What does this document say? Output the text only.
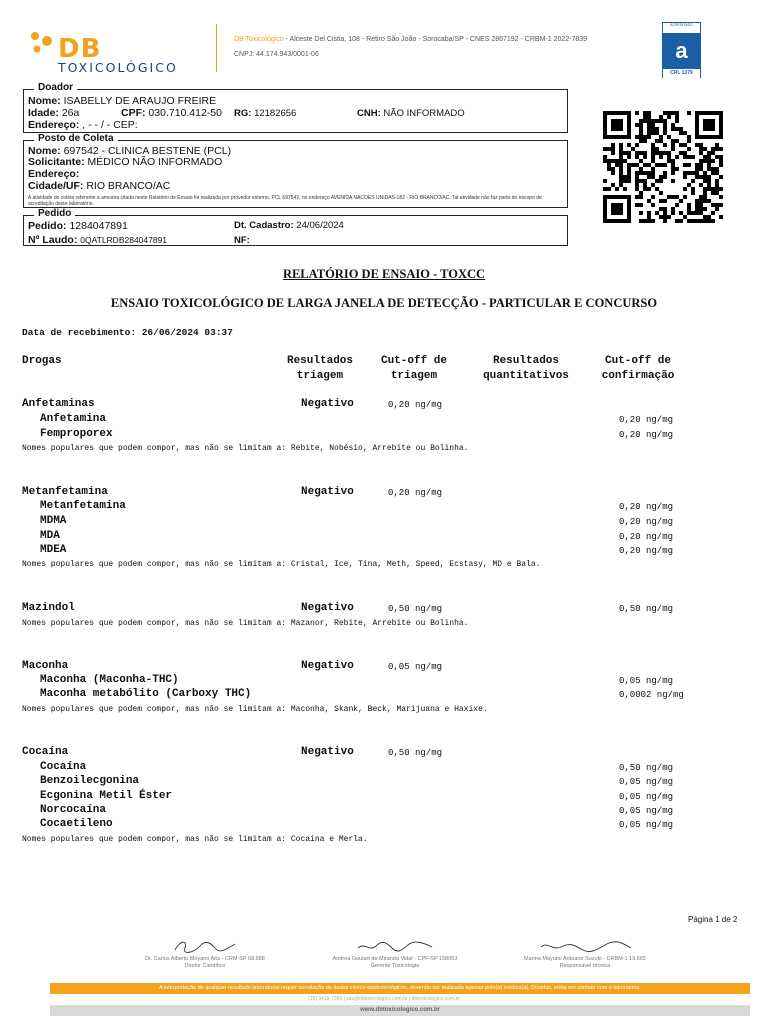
DB
TOXICOLÓGICO
DB Toxicológico - Alceste Del Cistia, 108 - Retiro São João - Sorocaba/SP - CNES 2867192 - CRBM-1 2022-7839
CNPJ: 44.174.943/0001-06
ACREDITADO
a
CRL 1379
Doador
Nome: ISABELLY DE ARAUJO FREIRE
Idade: 26a	CPF: 030.710.412-50 RG: 12182656	CNH: NÃO INFORMADO
Endereço: , - - / - CEP:
Posto de Coleta
Nome: 697542 - CLINICA BESTENE (PCL)
Solicitante: MÉDICO NÃO INFORMADO
Endereço:
Cidade/UF: RIO BRANCO/AC
A atividade de coleta referente à amostra citada neste Relatório de Ensaio foi realizada por provedor externo, PCL 697542, no endereço AVENIDA NACOES UNIDAS-182 - RIO BRANCO/AC. Tal atividade não faz parte do escopo de acreditação deste laboratório.
Pedido
Pedido: 1284047891	Dt. Cadastro: 24/06/2024
Nº Laudo: 0QATLRDB284047891	NF:
RELATÓRIO DE ENSAIO - TOXCC
ENSAIO TOXICOLÓGICO DE LARGA JANELA DE DETECÇÃO - PARTICULAR E CONCURSO
Data de recebimento: 26/06/2024 03:37
Drogas	Resultados
triagem
Cut-off de
triagem
Resultados
quantitativos
Cut-off de
confirmação
Anfetaminas	Negativo	0,20 ng/mg
Anfetamina	0,20 ng/mg
Femproporex	0,20 ng/mg
Nomes populares que podem compor, mas não se limitam a: Rebite, Nobésio, Arrebite ou Bolinha.
Metanfetamina	Negativo	0,20 ng/mg
Metanfetamina	0,20 ng/mg
MDMA	0,20 ng/mg
MDA	0,20 ng/mg
MDEA	0,20 ng/mg
Nomes populares que podem compor, mas não se limitam a: Cristal, Ice, Tina, Meth, Speed, Ecstasy, MD e Bala.
Mazindol	Negativo	0,50 ng/mg	0,50 ng/mg
Nomes populares que podem compor, mas não se limitam a: Mazanor, Rebite, Arrebite ou Bolinha.
Maconha	Negativo	0,05 ng/mg
Maconha (Maconha-THC)	0,05 ng/mg
Maconha metabólito (Carboxy THC)	0,0002 ng/mg
Nomes populares que podem compor, mas não se limitam a: Maconha, Skank, Beck, Marijuana e Haxixe.
Cocaína	Negativo	0,50 ng/mg
Cocaína	0,50 ng/mg
Benzoilecgonina	0,05 ng/mg
Ecgonina Metil Éster	0,05 ng/mg
Norcocaína	0,05 ng/mg
Cocaetileno	0,05 ng/mg
Nomes populares que podem compor, mas não se limitam a: Cocaína e Merla.
Página 1 de 2
Dr. Carlos Alberto Moyano Aita - CRM-SP 68.988
Diretor Científico
Andrea Goulart de Miranda Vidal - CPF-SP 158053
Gerente Toxicologia
Marina Mayumi Ardeano Suzuki - CRBM-1 19.665
Responsável técnica
A interpretação de qualquer resultado laboratorial requer correlação de dados clínico-epidemiológicos, devendo ser realizada apenas pelo(a) médico(a). Dúvidas, entre em contato com o laboratório.
(15) 3418-7399 | sac@dbtoxicologico.com.br | dbtoxicologico.com.br
www.dbtoxicologico.com.br
